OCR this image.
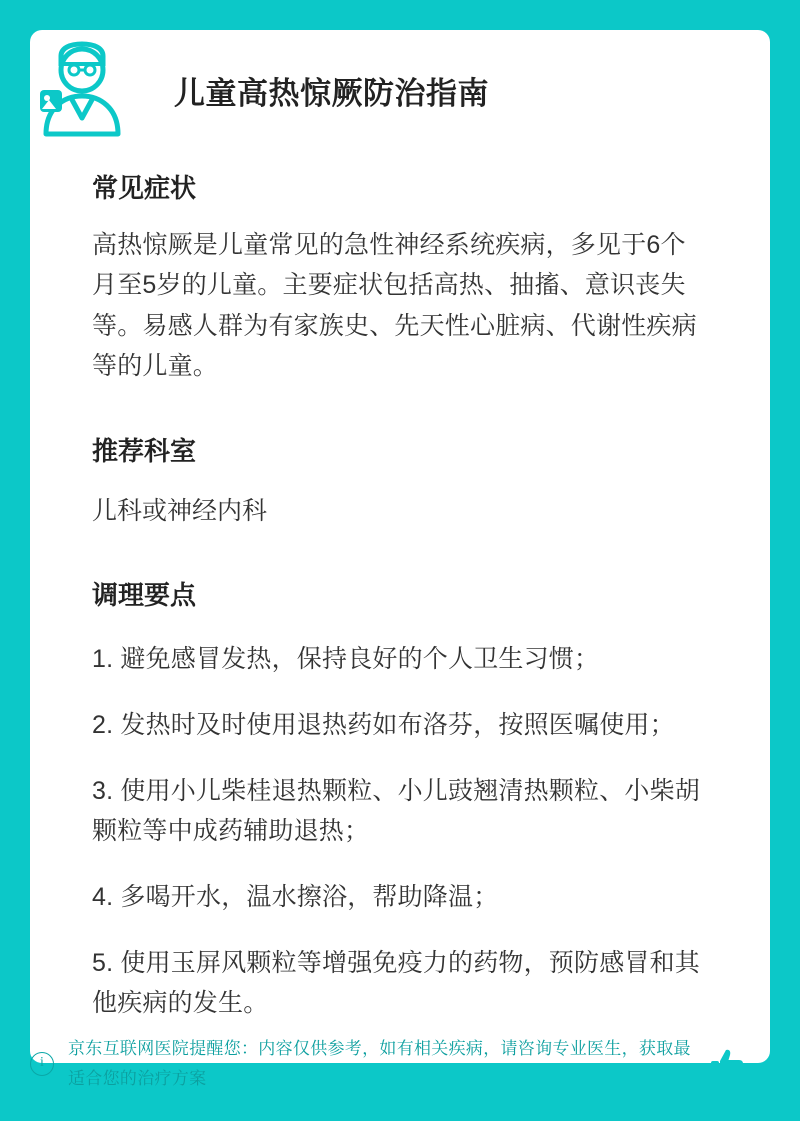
儿童高热惊厥防治指南
常见症状

高热惊厥是儿童常见的急性神经系统疾病，多见于6个月至5岁的儿童。主要症状包括高热、抽搐、意识丧失等。易感人群为有家族史、先天性心脏病、代谢性疾病等的儿童。

推荐科室

儿科或神经内科

调理要点
1. 避免感冒发热，保持良好的个人卫生习惯；
2. 发热时及时使用退热药如布洛芬，按照医嘱使用；
3. 使用小儿柴桂退热颗粒、小儿豉翘清热颗粒、小柴胡颗粒等中成药辅助退热；
4. 多喝开水，温水擦浴，帮助降温；
5. 使用玉屏风颗粒等增强免疫力的药物，预防感冒和其他疾病的发生。
i
京东互联网医院提醒您：内容仅供参考，如有相关疾病，请咨询专业医生，获取最适合您的治疗方案
